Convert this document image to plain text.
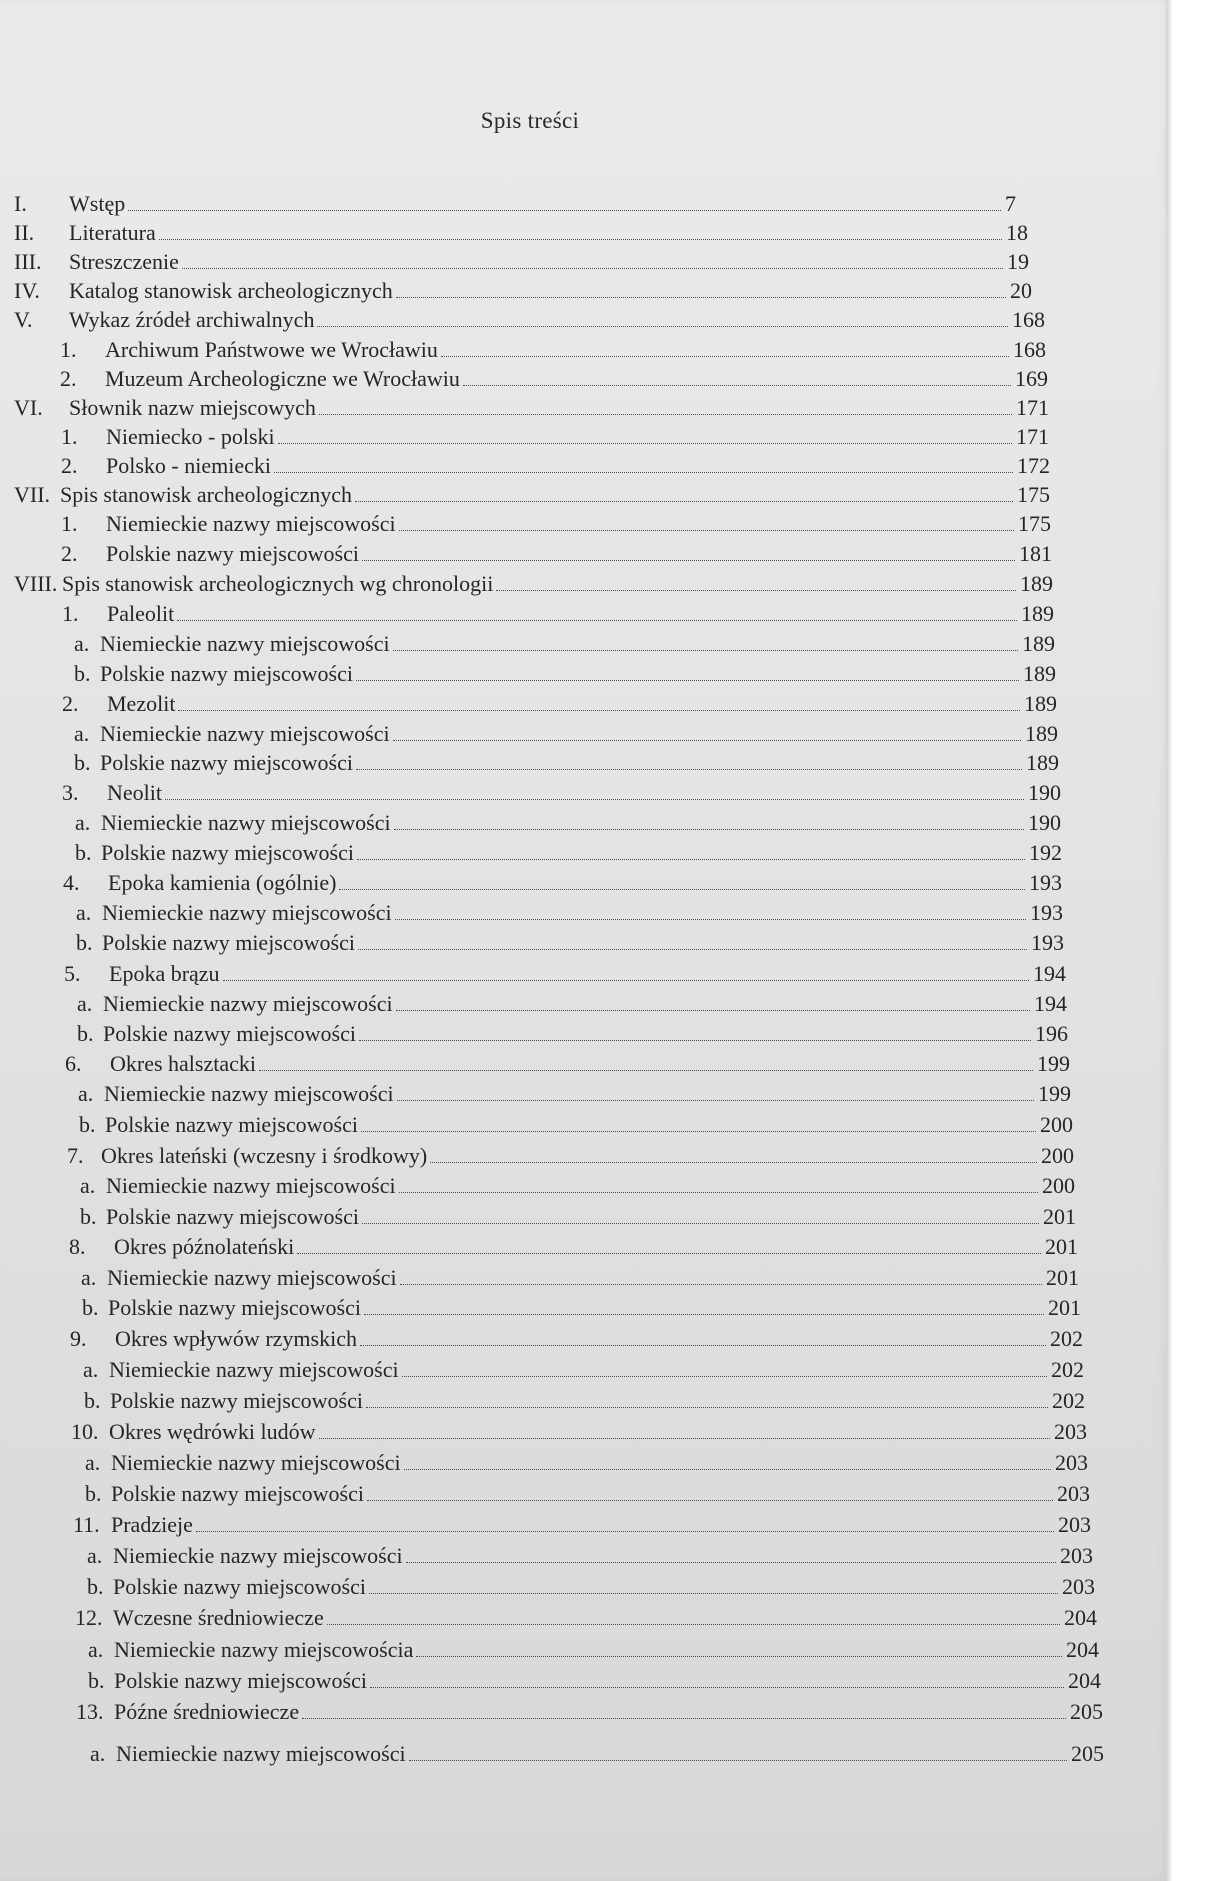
Spis treści
I.	Wstęp	7
II.	Literatura	18
III.	Streszczenie	19
IV.	Katalog stanowisk archeologicznych	20
V.	Wykaz źródeł archiwalnych	168
1.	Archiwum Państwowe we Wrocławiu	168
2.	Muzeum Archeologiczne we Wrocławiu	169
VI.	Słownik nazw miejscowych	171
1.	Niemiecko - polski	171
2.	Polsko - niemiecki	172
VII. Spis stanowisk archeologicznych	175
1.	Niemieckie nazwy miejscowości	175
2.	Polskie nazwy miejscowości	181
VIII. Spis stanowisk archeologicznych wg chronologii	189
1.	Paleolit	189
a. Niemieckie nazwy miejscowości	189
b. Polskie nazwy miejscowości	189
2.	Mezolit	189
a. Niemieckie nazwy miejscowości	189
b. Polskie nazwy miejscowości	189
3.	Neolit	190
a. Niemieckie nazwy miejscowości	190
b. Polskie nazwy miejscowości	192
4.	Epoka kamienia (ogólnie)	193
a. Niemieckie nazwy miejscowości	193
b. Polskie nazwy miejscowości	193
5.	Epoka brązu	194
a. Niemieckie nazwy miejscowości	194
b. Polskie nazwy miejscowości	196
6.	Okres halsztacki	199
a. Niemieckie nazwy miejscowości	199
b. Polskie nazwy miejscowości	200
7. Okres lateński (wczesny i środkowy)	200
a. Niemieckie nazwy miejscowości	200
b. Polskie nazwy miejscowości	201
8.	Okres późnolateński	201
a. Niemieckie nazwy miejscowości	201
b. Polskie nazwy miejscowości	201
9.	Okres wpływów rzymskich	202
a. Niemieckie nazwy miejscowości	202
b. Polskie nazwy miejscowości	202
10. Okres wędrówki ludów	203
a. Niemieckie nazwy miejscowości	203
b. Polskie nazwy miejscowości	203
11. Pradzieje	203
a. Niemieckie nazwy miejscowości	203
b. Polskie nazwy miejscowości	203
12. Wczesne średniowiecze	204
a. Niemieckie nazwy miejscowościa	204
b. Polskie nazwy miejscowości	204
13. Późne średniowiecze	205
a. Niemieckie nazwy miejscowości	205
